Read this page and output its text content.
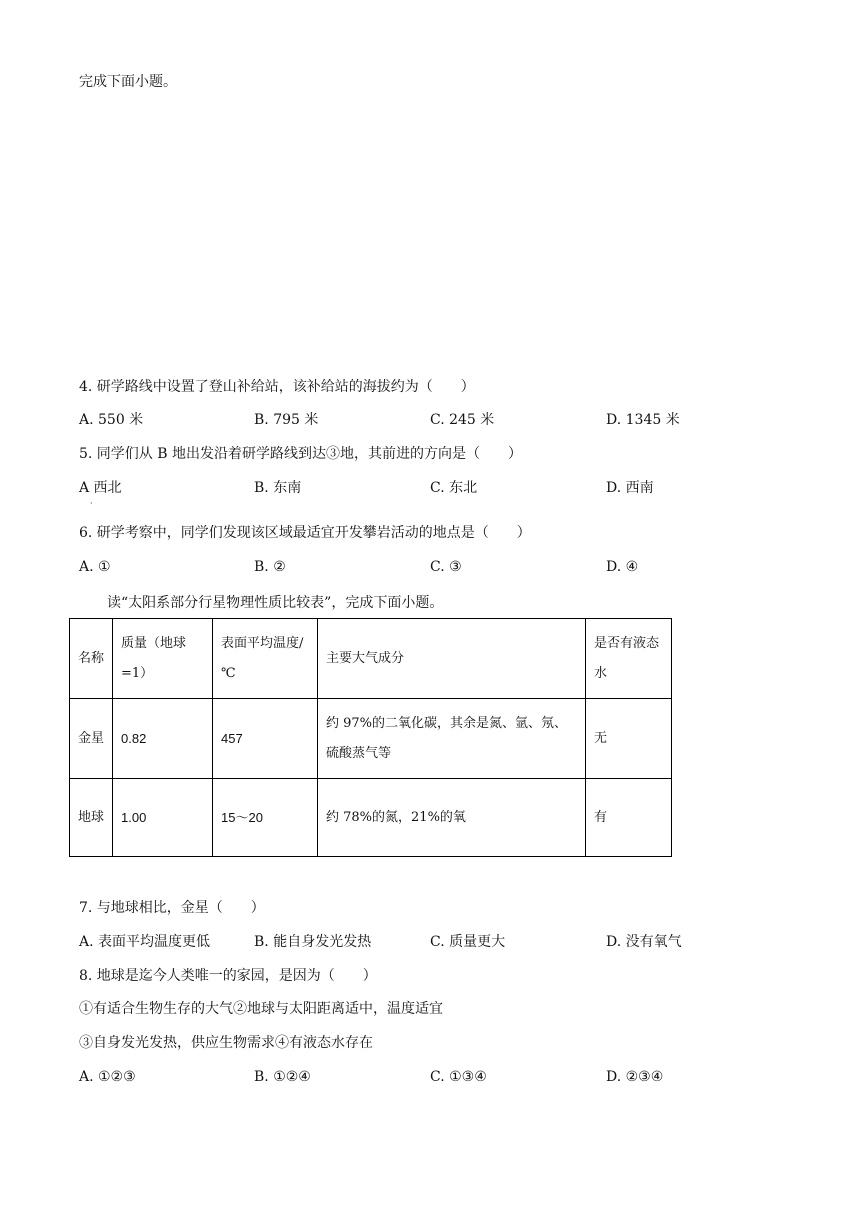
完成下面小题。
4. 研学路线中设置了登山补给站，该补给站的海拔约为（　　）
A. 550 米	B. 795 米	C. 245 米	D. 1345 米
5. 同学们从 B 地出发沿着研学路线到达③地，其前进的方向是（　　）
A 西北	B. 东南	C. 东北	D. 西南
·
6. 研学考察中，同学们发现该区域最适宜开发攀岩活动的地点是（　　）
A. ①	B. ②	C. ③	D. ④
读“太阳系部分行星物理性质比较表”，完成下面小题。
名称	质量（地球=1）	表面平均温度/℃	主要大气成分	是否有液态水
金星	0.82	457	约 97%的二氧化碳，其余是氮、氩、氖、硫酸蒸气等	无
地球	1.00	15～20	约 78%的氮，21%的氧	有
7. 与地球相比，金星（　　）
A. 表面平均温度更低	B. 能自身发光发热	C. 质量更大	D. 没有氧气
8. 地球是迄今人类唯一的家园，是因为（　　）
①有适合生物生存的大气②地球与太阳距离适中，温度适宜
③自身发光发热，供应生物需求④有液态水存在
A. ①②③	B. ①②④	C. ①③④	D. ②③④
